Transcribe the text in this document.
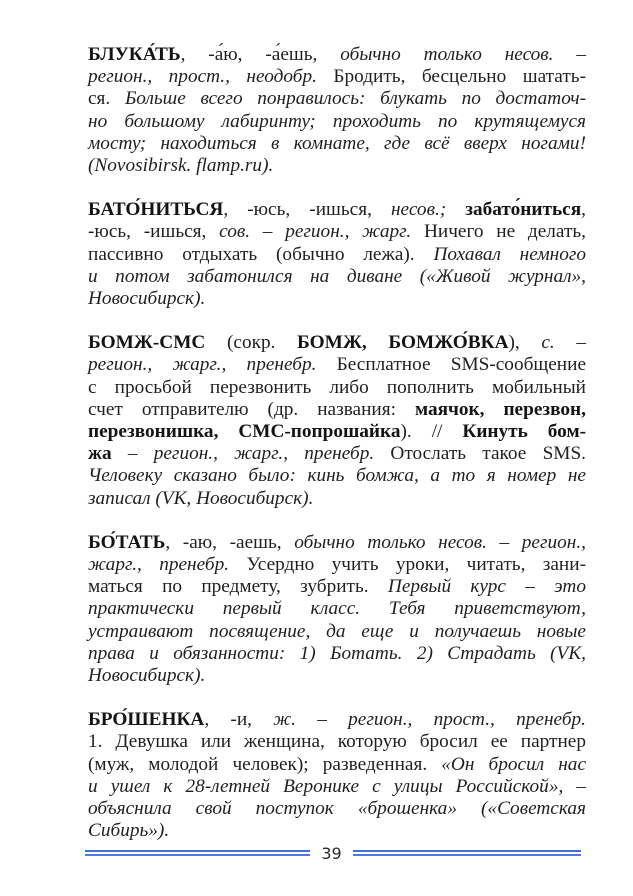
БЛУКА́ТЬ, -а́ю, -а́ешь, обычно только несов. –
регион., прост., неодобр. Бродить, бесцельно шатать-
ся. Больше всего понравилось: блукать по достаточ-
но большому лабиринту; проходить по крутящемуся
мосту; находиться в комнате, где всё вверх ногами!
(Novosibirsk. flamp.ru).
БАТО́НИТЬСЯ, -юсь, -ишься, несов.; забато́ниться,
-юсь, -ишься, сов. – регион., жарг. Ничего не делать,
пассивно отдыхать (обычно лежа). Похавал немного
и потом забатонился на диване («Живой журнал»,
Новосибирск).
БОМЖ-СМС (сокр. БОМЖ, БОМЖО́ВКА), с. –
регион., жарг., пренебр. Бесплатное SMS-сообщение
с просьбой перезвонить либо пополнить мобильный
счет отправителю (др. названия: маячок, перезвон,
перезвонишка, СМС-попрошайка). // Кинуть бом-
жа – регион., жарг., пренебр. Отослать такое SMS.
Человеку сказано было: кинь бомжа, а то я номер не
записал (VK, Новосибирск).
БО́ТАТЬ, -аю, -аешь, обычно только несов. – регион.,
жарг., пренебр. Усердно учить уроки, читать, зани-
маться по предмету, зубрить. Первый курс – это
практически первый класс. Тебя приветствуют,
устраивают посвящение, да еще и получаешь новые
права и обязанности: 1) Ботать. 2) Страдать (VK,
Новосибирск).
БРО́ШЕНКА, -и, ж. – регион., прост., пренебр.
1. Девушка или женщина, которую бросил ее партнер
(муж, молодой человек); разведенная. «Он бросил нас
и ушел к 28-летней Веронике с улицы Российской», –
объяснила свой поступок «брошенка» («Советская
Сибирь»).
39
